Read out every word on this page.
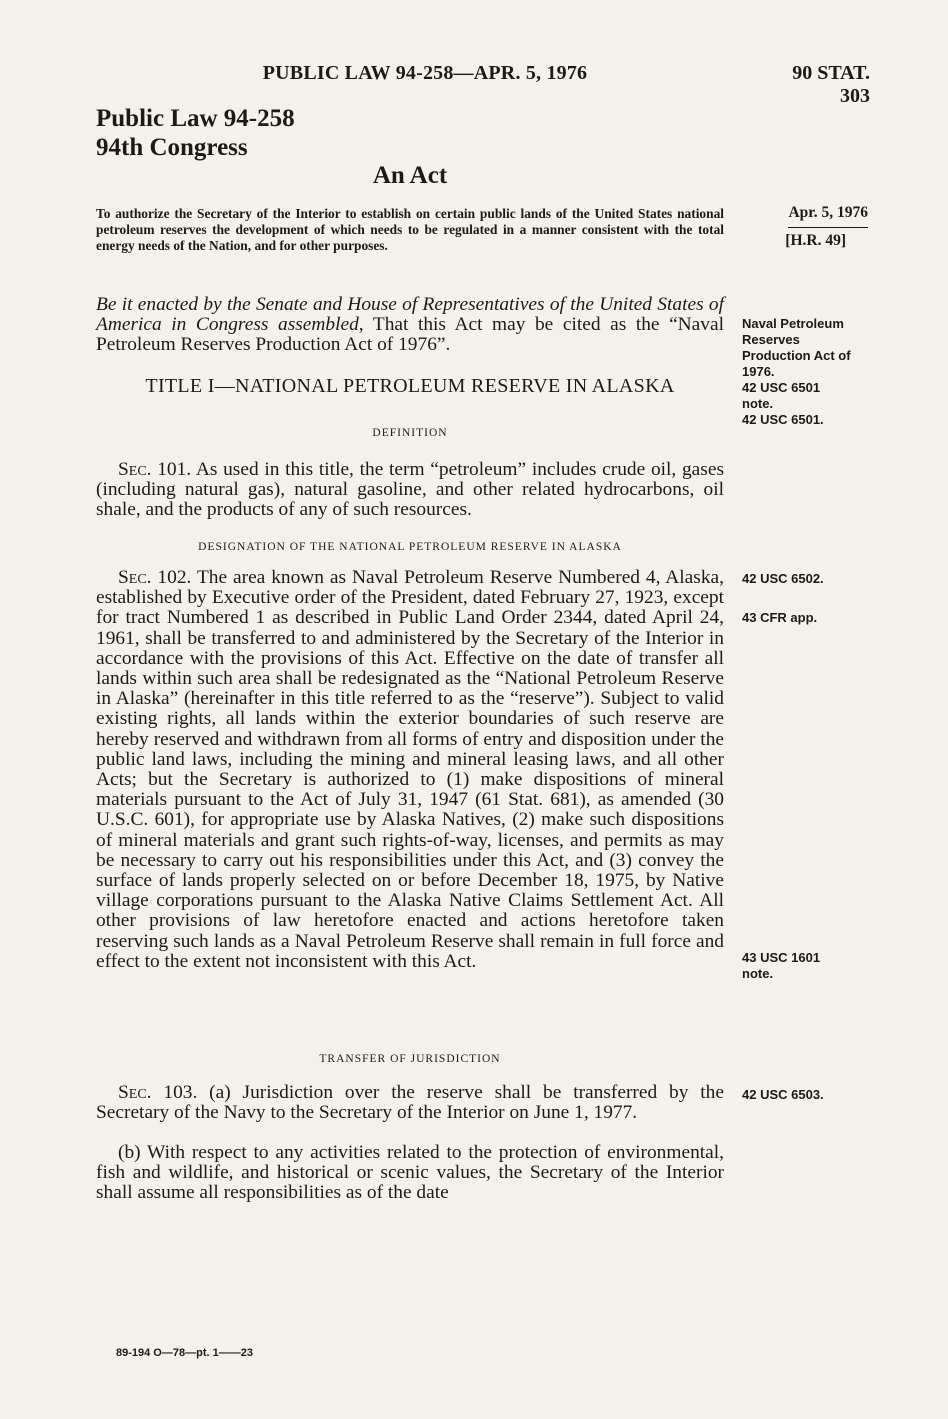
PUBLIC LAW 94-258—APR. 5, 1976	90 STAT. 303
Public Law 94-258
94th Congress
An Act
To authorize the Secretary of the Interior to establish on certain public lands of the United States national petroleum reserves the development of which needs to be regulated in a manner consistent with the total energy needs of the Nation, and for other purposes.
Apr. 5, 1976
[H.R. 49]
Be it enacted by the Senate and House of Representatives of the United States of America in Congress assembled, That this Act may be cited as the “Naval Petroleum Reserves Production Act of 1976”.
TITLE I—NATIONAL PETROLEUM RESERVE IN ALASKA
DEFINITION
Sec. 101. As used in this title, the term “petroleum” includes crude oil, gases (including natural gas), natural gasoline, and other related hydrocarbons, oil shale, and the products of any of such resources.
DESIGNATION OF THE NATIONAL PETROLEUM RESERVE IN ALASKA
Sec. 102. The area known as Naval Petroleum Reserve Numbered 4, Alaska, established by Executive order of the President, dated February 27, 1923, except for tract Numbered 1 as described in Public Land Order 2344, dated April 24, 1961, shall be transferred to and administered by the Secretary of the Interior in accordance with the provisions of this Act. Effective on the date of transfer all lands within such area shall be redesignated as the “National Petroleum Reserve in Alaska” (hereinafter in this title referred to as the “reserve”). Subject to valid existing rights, all lands within the exterior boundaries of such reserve are hereby reserved and withdrawn from all forms of entry and disposition under the public land laws, including the mining and mineral leasing laws, and all other Acts; but the Secretary is authorized to (1) make dispositions of mineral materials pursuant to the Act of July 31, 1947 (61 Stat. 681), as amended (30 U.S.C. 601), for appropriate use by Alaska Natives, (2) make such dispositions of mineral materials and grant such rights-of-way, licenses, and permits as may be necessary to carry out his responsibilities under this Act, and (3) convey the surface of lands properly selected on or before December 18, 1975, by Native village corporations pursuant to the Alaska Native Claims Settlement Act. All other provisions of law heretofore enacted and actions heretofore taken reserving such lands as a Naval Petroleum Reserve shall remain in full force and effect to the extent not inconsistent with this Act.
TRANSFER OF JURISDICTION
Sec. 103. (a) Jurisdiction over the reserve shall be transferred by the Secretary of the Navy to the Secretary of the Interior on June 1, 1977.
(b) With respect to any activities related to the protection of environmental, fish and wildlife, and historical or scenic values, the Secretary of the Interior shall assume all responsibilities as of the date
Naval Petroleum
Reserves
Production Act of
1976.
42 USC 6501
note.
42 USC 6501.
42 USC 6502.
43 CFR app.
43 USC 1601
note.
42 USC 6503.
89-194 O—78—pt. 1——23
